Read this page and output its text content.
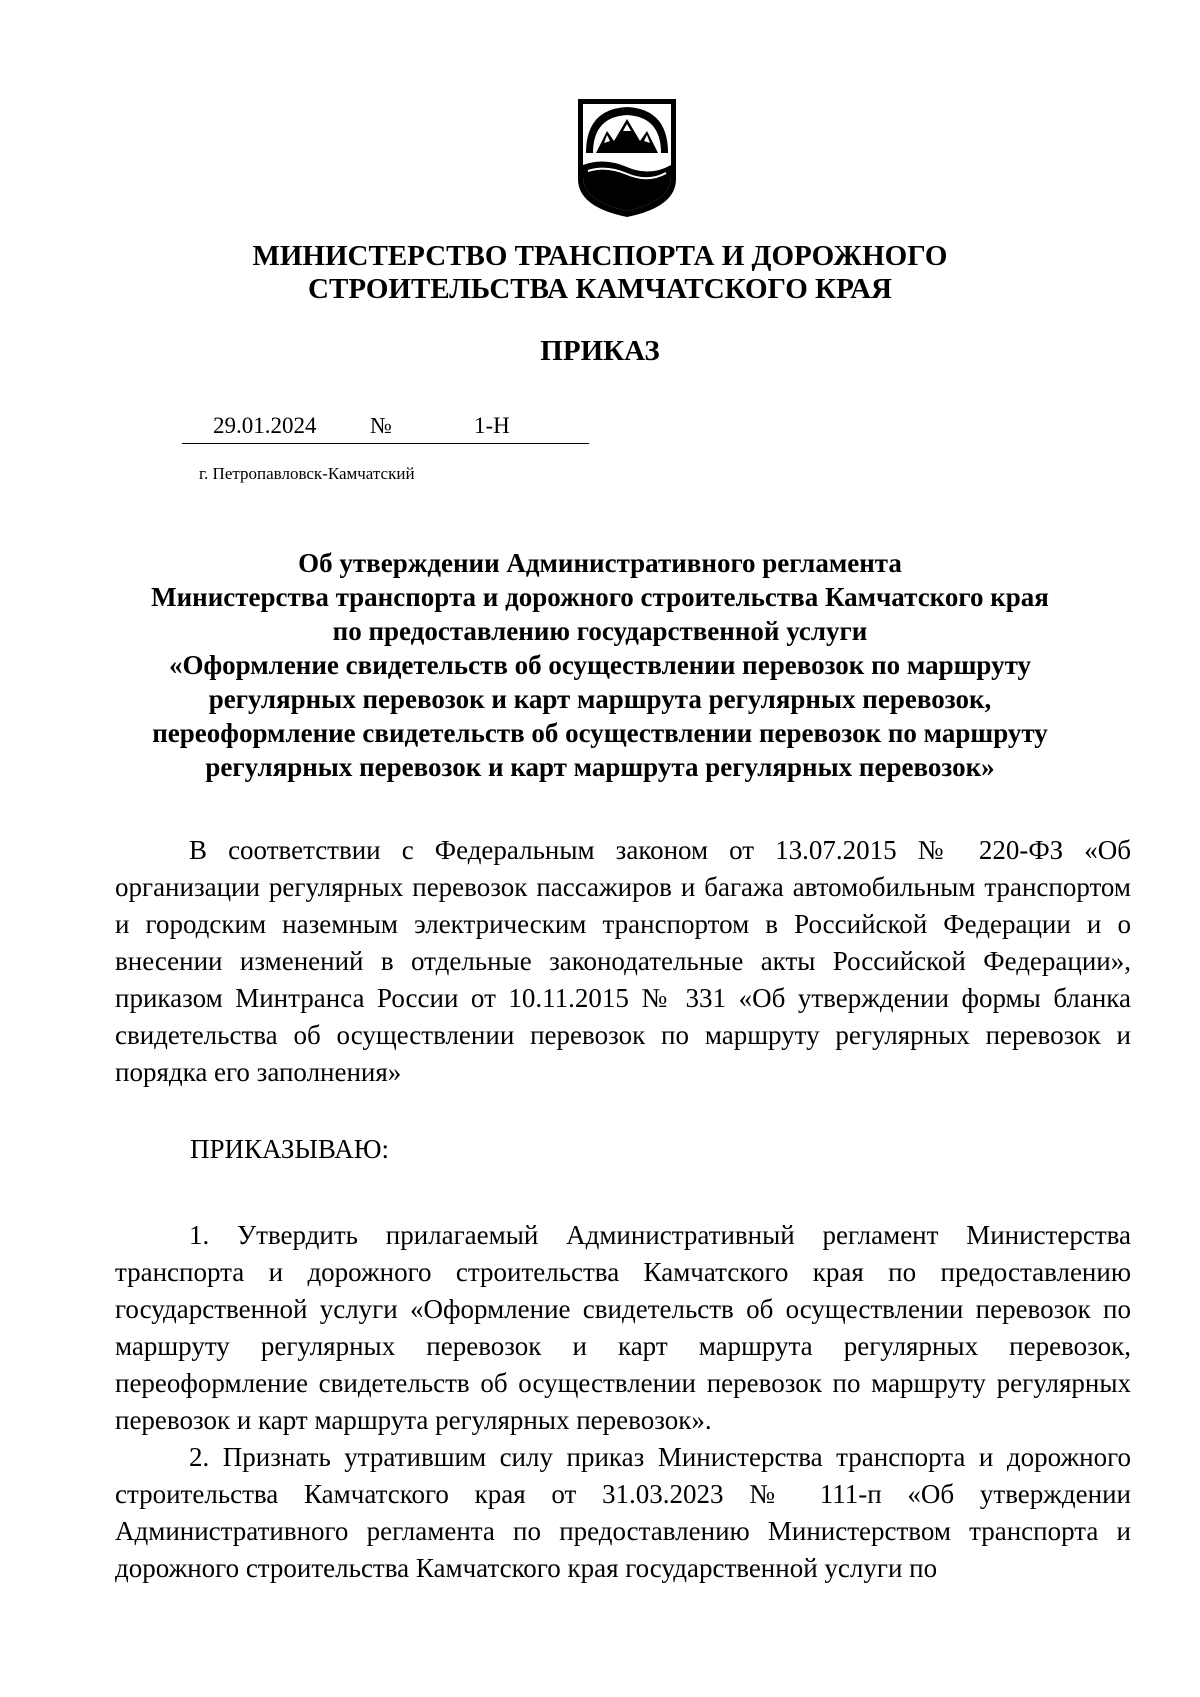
МИНИСТЕРСТВО ТРАНСПОРТА И ДОРОЖНОГО
СТРОИТЕЛЬСТВА КАМЧАТСКОГО КРАЯ
ПРИКАЗ
29.01.2024 №	1-Н
г. Петропавловск-Камчатский
Об утверждении Административного регламента
Министерства транспорта и дорожного строительства Камчатского края
по предоставлению государственной услуги
«Оформление свидетельств об осуществлении перевозок по маршруту
регулярных перевозок и карт маршрута регулярных перевозок,
переоформление свидетельств об осуществлении перевозок по маршруту
регулярных перевозок и карт маршрута регулярных перевозок»

В соответствии с Федеральным законом от 13.07.2015 № 220-ФЗ «Об организации регулярных перевозок пассажиров и багажа автомобильным транспортом и городским наземным электрическим транспортом в Российской Федерации и о внесении изменений в отдельные законодательные акты Российской Федерации», приказом Минтранса России от 10.11.2015 № 331 «Об утверждении формы бланка свидетельства об осуществлении перевозок по маршруту регулярных перевозок и порядка его заполнения»

ПРИКАЗЫВАЮ:

1. Утвердить прилагаемый Административный регламент Министерства транспорта и дорожного строительства Камчатского края по предоставлению государственной услуги «Оформление свидетельств об осуществлении перевозок по маршруту регулярных перевозок и карт маршрута регулярных перевозок, переоформление свидетельств об осуществлении перевозок по маршруту регулярных перевозок и карт маршрута регулярных перевозок».

2. Признать утратившим силу приказ Министерства транспорта и дорожного строительства Камчатского края от 31.03.2023 № 111-п «Об утверждении Административного регламента по предоставлению Министерством транспорта и дорожного строительства Камчатского края государственной услуги по
